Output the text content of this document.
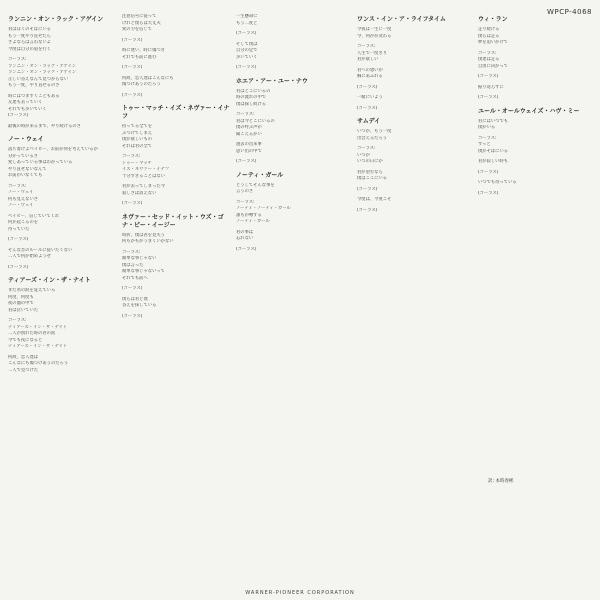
WPCP-4068
ランニン・オン・ラック・アゲイン
君はぼくのそばにいる
もう一度やり直せたら
さよならは言わないよ
今度は自分の道を行く
コーラス:
ランニン・オン・ラック・アゲイン
ランニン・オン・ラック・アゲイン
正しい答えなんて見つからない
もう一度、やり直せるのさ
時にはつまずくこともある
友達も去っていく
それでも歩いていく
(コーラス)
最後の時が来るまで、やり続けるのさ
ノー・ウェイ
落ち着けよベイビー、お前が何を考えているか
分かっているさ
愛しあっている事はわかっている
やり直せないなんて
お前がいなくても
コーラス:
ノー・ウェイ
何も見えないさ
ノー・ウェイ
ベイビー、信じていてくれ
何か起こるのを
待っていた
(コーラス)
そんな昔のルールに従いたくない
二人で何か始めようぜ
(コーラス)
ティアーズ・イン・ザ・ナイト
まだ君の涙を覚えている
何度、何度も
夜の闇の中で
君は泣いていた
コーラス:
ティアーズ・イン・ザ・ナイト
二人が別れた時の君の涙
今でも夜になると
ティアーズ・イン・ザ・ナイト
何故、恋人達は
こんなにも傷つけあうのだろう
二人で見つけた
注意信号に従って
けれど僕らは大丈夫
愛の力を信じて
(コーラス)
時に迷い、時に傷つき
それでも前に進む
(コーラス)
何故、恋人達はこんなにも
傷つけあうのだろう
(コーラス)
トゥー・マッチ・イズ・ネヴァー・イナフ
持ってる全てを
ぶつけてしまえ
僕が欲しいもの
それは君の全て
コーラス:
トゥー・マッチ
イズ・ネヴァー・イナフ
十分すぎることはない
君が去ってしまった今
寂しさは消えない
(コーラス)
ネヴァー・セッド・イット・ウズ・ゴナ・ビー・イージー
時折、僕は君を見失う
何もかもがうまくいかない
コーラス:
簡単な事じゃない
僕は言った
簡単な事じゃないって
それでも前へ
(コーラス)
僕らは君と僕
答えを探している
(コーラス)
一生懸命に
もう二度と
(コーラス)
そして僕は
自分の足で
歩いていく
(コーラス)
ホエア・アー・ユー・ナウ
君はどこにいるの
時の流れの中で
僕は探し続ける
コーラス:
君は今どこにいるの
僕の呼ぶ声が
聞こえるかい
過去の出来事
思い出の中で
(コーラス)
ノーティ・ガール
どうしてそんな事を
言うのさ
コーラス:
ノーティ・ノーティ・ガール
誰もが噂する
ノーティ・ガール
君の事は
忘れない
(コーラス)
ワンス・イン・ア・ライフタイム
今夜は一生に一度
今、何かが変わる
コーラス:
人生で一度きり
君が欲しい
君への想いが
胸にあふれる
(コーラス)
一緒にいよう
(コーラス)
サムデイ
いつか、もう一度
出会えるだろう
コーラス:
いつか
いつの日にか
君が望むなら
僕はここにいる
(コーラス)
今度は、今度こそ
(コーラス)
ウィ・ラン
走り続ける
僕らは走る
夢を追いかけて
コーラス:
僕達は走る
自由に向かって
(コーラス)
振り返らずに
(コーラス)
ユール・オールウェイズ・ハヴ・ミー
君にはいつでも
僕がいる
コーラス:
ずっと
僕がそばにいる
君が寂しい時も
(コーラス)
いつでも待っている
(コーラス)
訳: 本時春彬
WARNER-PIONEER CORPORATION
